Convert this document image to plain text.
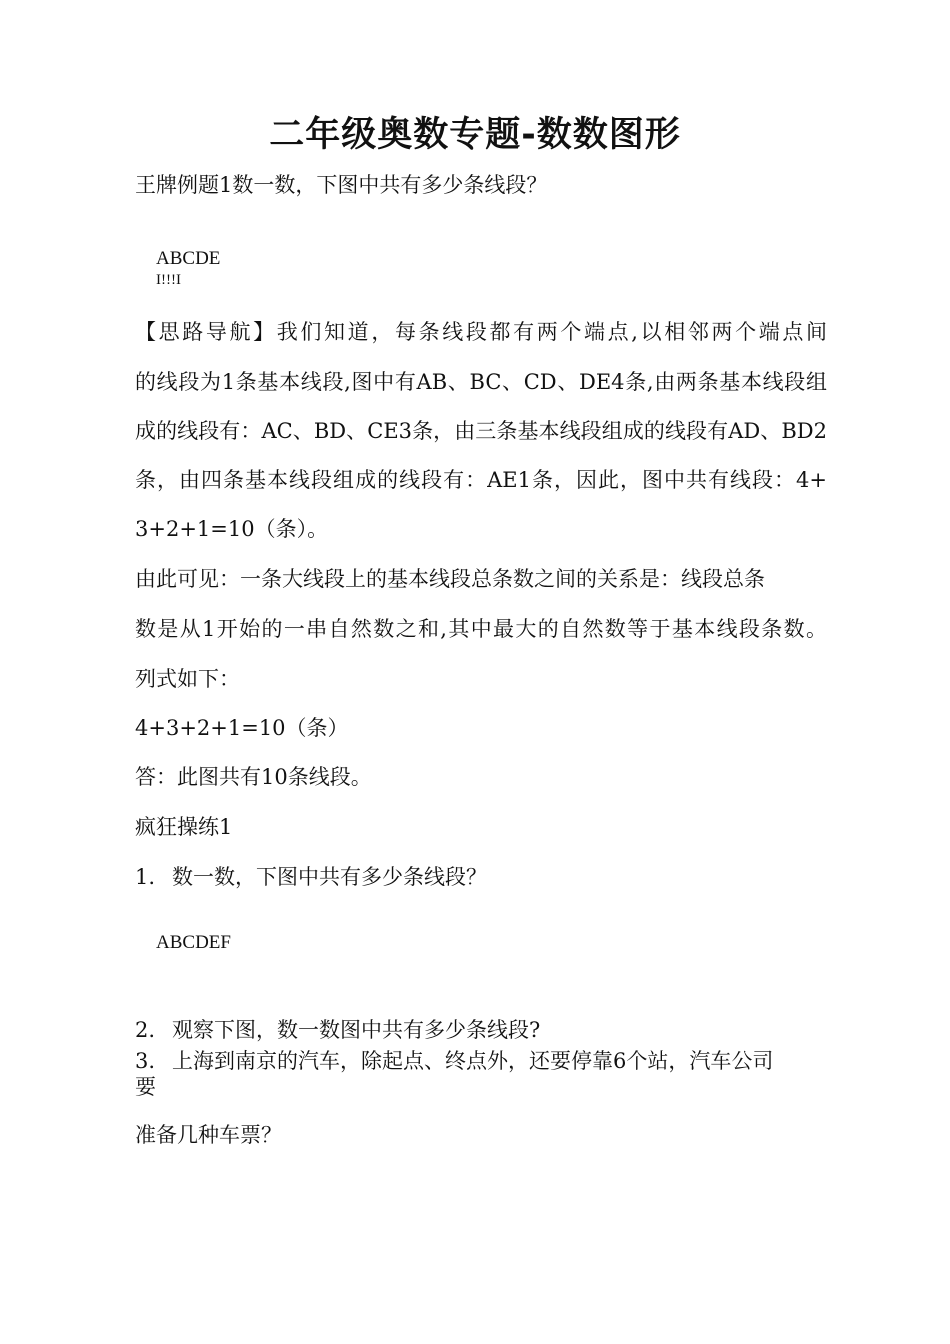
二年级奥数专题-数数图形
王牌例题1数一数，下图中共有多少条线段？
ABCDE
I!!!I
【思路导航】我们知道，每条线段都有两个端点,以相邻两个端点间
的线段为1条基本线段,图中有AB、BC、CD、DE4条,由两条基本线段组
成的线段有：AC、BD、CE3条，由三条基本线段组成的线段有AD、BD2
条，由四条基本线段组成的线段有：AE1条，因此，图中共有线段：4+
3+2+1=10（条）。
由此可见：一条大线段上的基本线段总条数之间的关系是：线段总条
数是从1开始的一串自然数之和,其中最大的自然数等于基本线段条数。
列式如下：
4+3+2+1=10（条）
答：此图共有10条线段。
疯狂操练1
1. 数一数，下图中共有多少条线段？
ABCDEF
2. 观察下图，数一数图中共有多少条线段?
3. 上海到南京的汽车，除起点、终点外，还要停靠6个站，汽车公司
要
准备几种车票？
